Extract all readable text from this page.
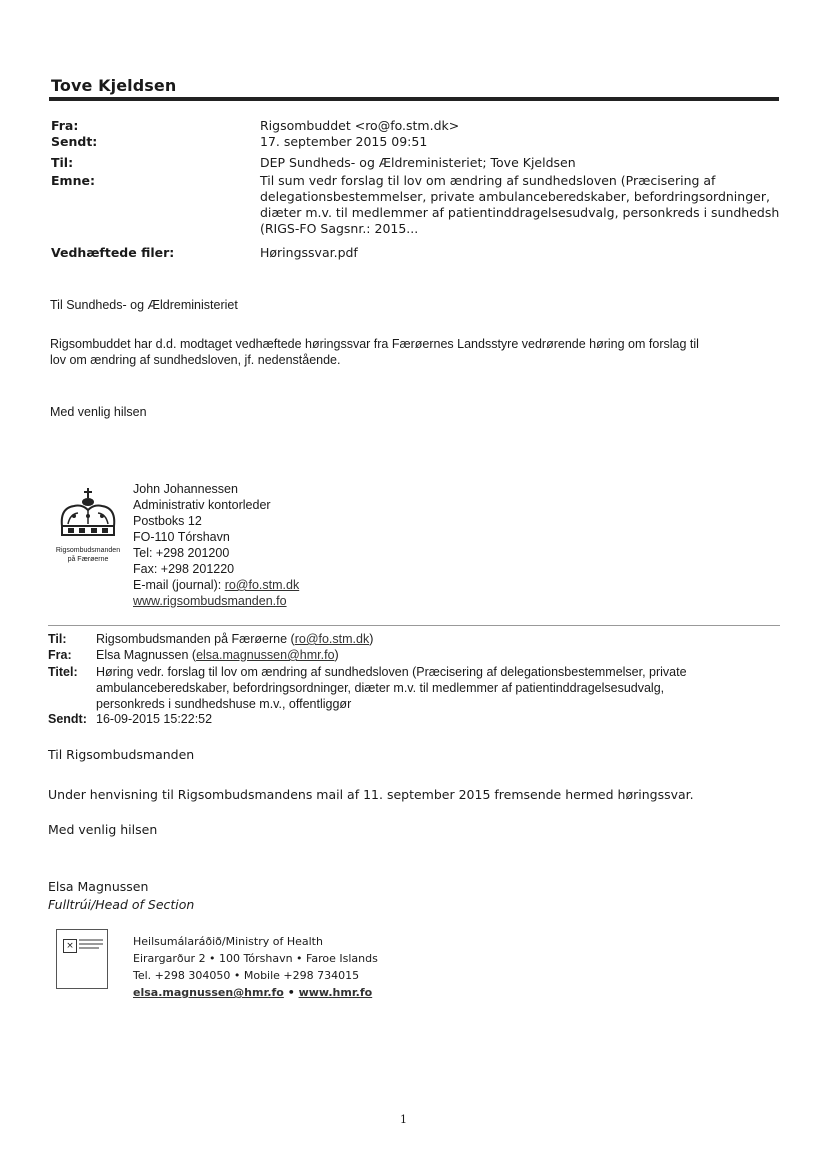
Tove Kjeldsen
Fra:	Rigsombuddet <ro@fo.stm.dk>
Sendt:	17. september 2015 09:51
Til:	DEP Sundheds- og Ældreministeriet; Tove Kjeldsen
Emne:	Til sum vedr forslag til lov om ændring af sundhedsloven (Præcisering af
delegationsbestemmelser, private ambulanceberedskaber, befordringsordninger,
diæter m.v. til medlemmer af patientinddragelsesudvalg, personkreds i sundhedsh
(RIGS-FO Sagsnr.: 2015...
Vedhæftede filer:	Høringssvar.pdf
Til Sundheds- og Ældreministeriet
Rigsombuddet har d.d. modtaget vedhæftede høringssvar fra Færøernes Landsstyre vedrørende høring om forslag til
lov om ændring af sundhedsloven, jf. nedenstående.
Med venlig hilsen
Rigsombudsmanden
på Færøerne
John Johannessen
Administrativ kontorleder
Postboks 12
FO-110 Tórshavn
Tel: +298 201200
Fax: +298 201220
E-mail (journal): ro@fo.stm.dk
www.rigsombudsmanden.fo
Til: Rigsombudsmanden på Færøerne (ro@fo.stm.dk)
Fra: Elsa Magnussen (elsa.magnussen@hmr.fo)
Titel: Høring vedr. forslag til lov om ændring af sundhedsloven (Præcisering af delegationsbestemmelser, private
ambulanceberedskaber, befordringsordninger, diæter m.v. til medlemmer af patientinddragelsesudvalg,
personkreds i sundhedshuse m.v., offentliggør
Sendt: 16-09-2015 15:22:52
Til Rigsombudsmanden
Under henvisning til Rigsombudsmandens mail af 11. september 2015 fremsende hermed høringssvar.
Med venlig hilsen
Elsa Magnussen
Fulltrúi/Head of Section
×	Heilsumálaráðið/Ministry of Health
Eirargarður 2 • 100 Tórshavn • Faroe Islands
Tel. +298 304050 • Mobile +298 734015
elsa.magnussen@hmr.fo • www.hmr.fo
1
